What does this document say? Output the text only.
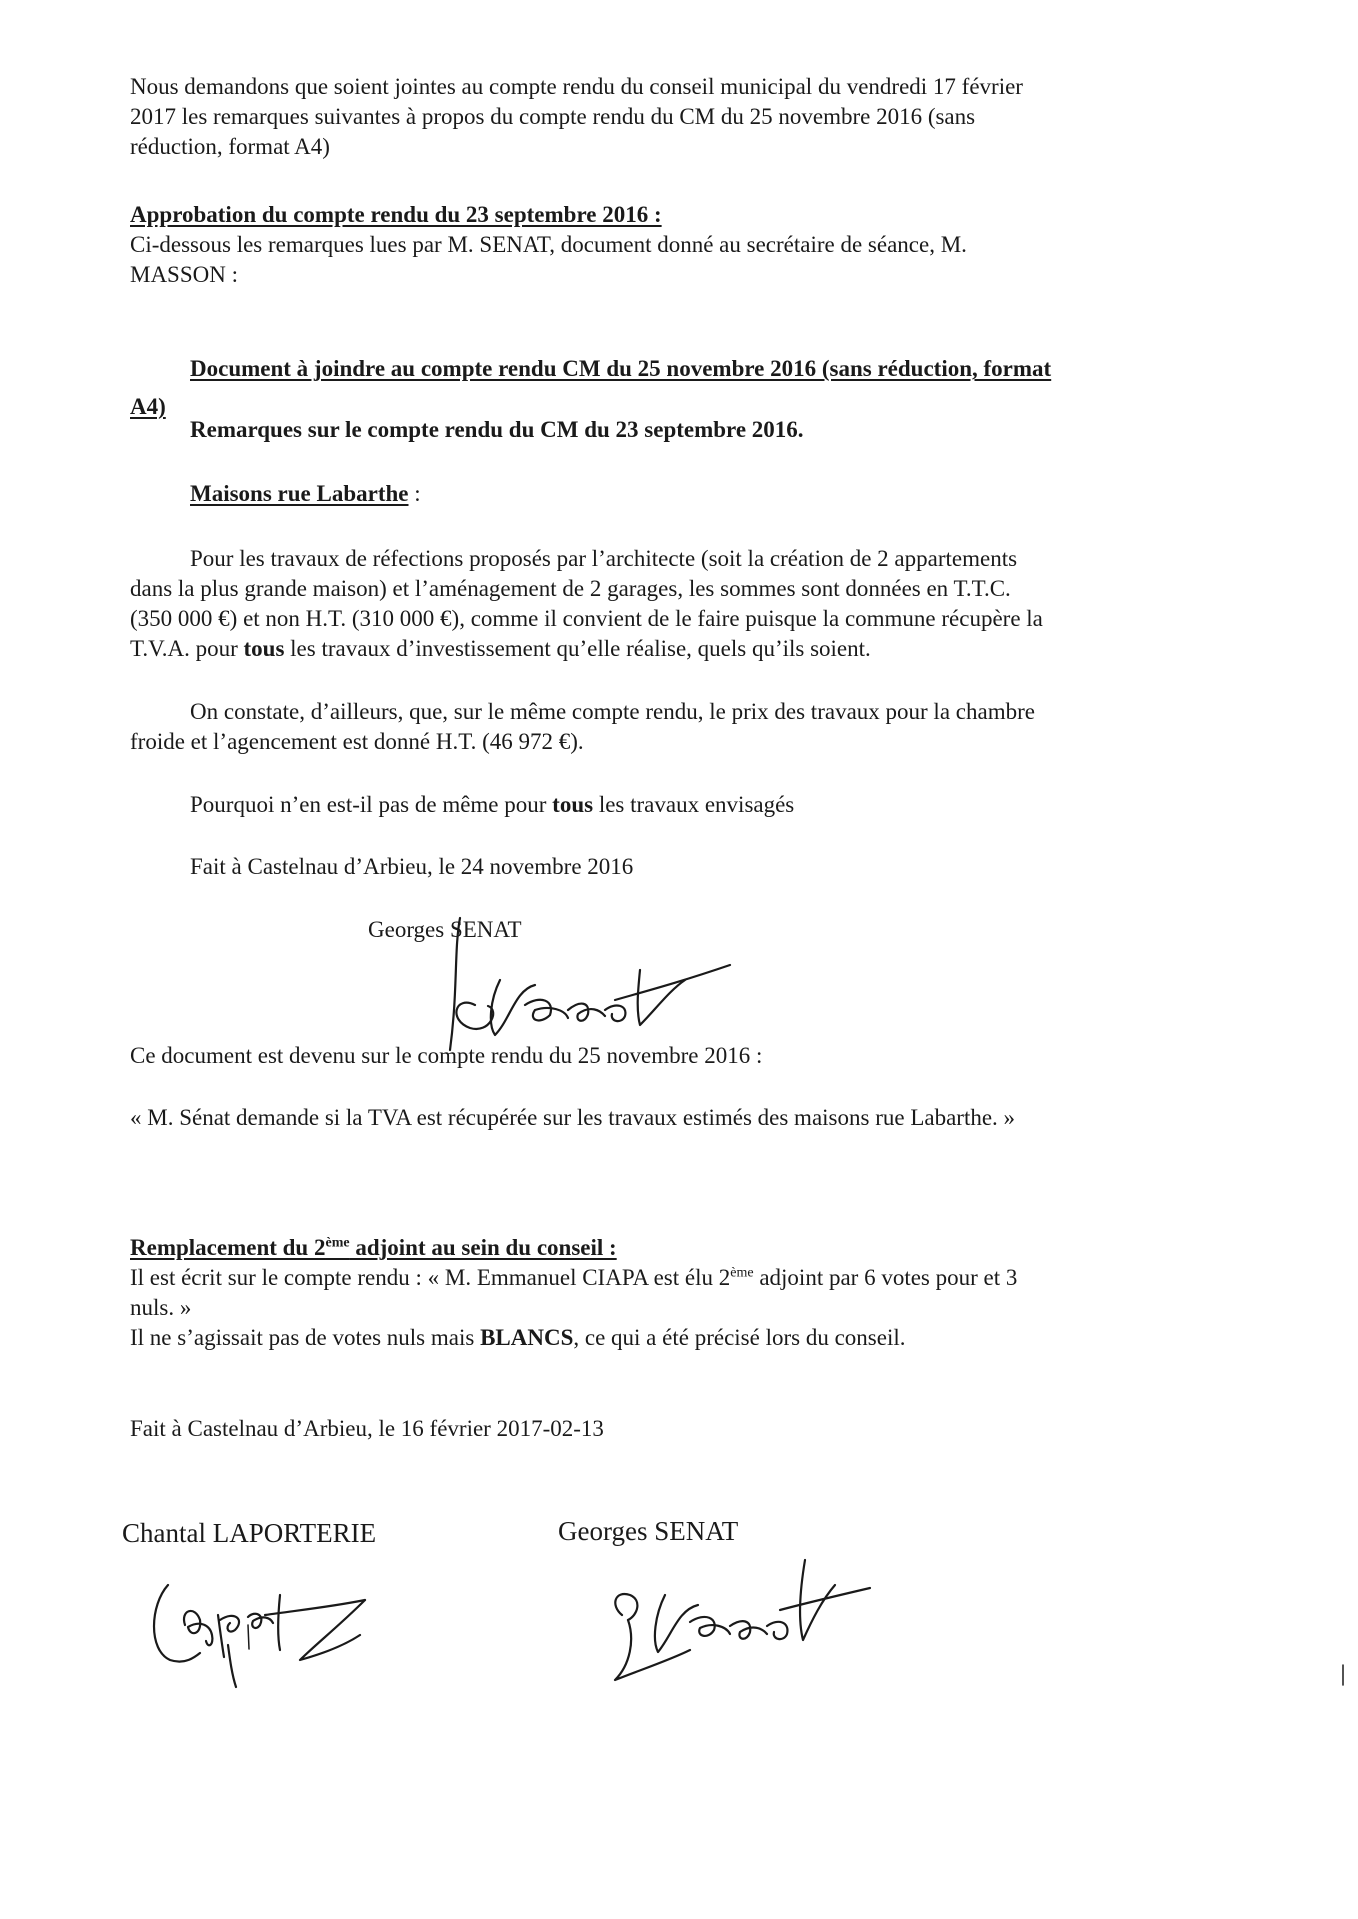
Nous demandons que soient jointes au compte rendu du conseil municipal du vendredi 17 février
2017 les remarques suivantes à propos du compte rendu du CM du 25 novembre 2016 (sans
réduction, format A4)
Approbation du compte rendu du 23 septembre 2016 :
Ci-dessous les remarques lues par M. SENAT, document donné au secrétaire de séance, M.
MASSON :
Document à joindre au compte rendu CM du 25 novembre 2016 (sans réduction, format
A4)
Remarques sur le compte rendu du CM du 23 septembre 2016.
Maisons rue Labarthe :
Pour les travaux de réfections proposés par l’architecte (soit la création de 2 appartements
dans la plus grande maison) et l’aménagement de 2 garages, les sommes sont données en T.T.C.
(350 000 €) et non H.T. (310 000 €), comme il convient de le faire puisque la commune récupère la
T.V.A. pour tous les travaux d’investissement qu’elle réalise, quels qu’ils soient.
On constate, d’ailleurs, que, sur le même compte rendu, le prix des travaux pour la chambre
froide et l’agencement est donné H.T. (46 972 €).
Pourquoi n’en est-il pas de même pour tous les travaux envisagés
Fait à Castelnau d’Arbieu, le 24 novembre 2016
Georges SENAT
Ce document est devenu sur le compte rendu du 25 novembre 2016 :
« M. Sénat demande si la TVA est récupérée sur les travaux estimés des maisons rue Labarthe. »
Remplacement du 2ème adjoint au sein du conseil :
Il est écrit sur le compte rendu : « M. Emmanuel CIAPA est élu 2ème adjoint par 6 votes pour et 3
nuls. »
Il ne s’agissait pas de votes nuls mais BLANCS, ce qui a été précisé lors du conseil.
Fait à Castelnau d’Arbieu, le 16 février 2017-02-13
Chantal LAPORTERIE	Georges SENAT
